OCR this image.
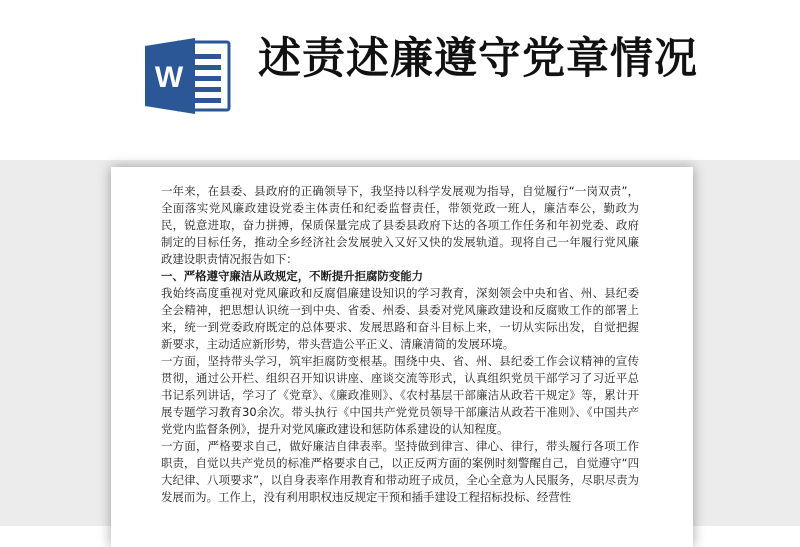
W 述责述廉遵守党章情况

一年来，在县委、县政府的正确领导下，我坚持以科学发展观为指导，自觉履行“一岗双责”，全面落实党风廉政建设党委主体责任和纪委监督责任，带领党政一班人，廉洁奉公，勤政为民，锐意进取，奋力拼搏，保质保量完成了县委县政府下达的各项工作任务和年初党委、政府制定的目标任务，推动全乡经济社会发展驶入又好又快的发展轨道。现将自己一年履行党风廉政建设职责情况报告如下：

一、严格遵守廉洁从政规定，不断提升拒腐防变能力

我始终高度重视对党风廉政和反腐倡廉建设知识的学习教育，深刻领会中央和省、州、县纪委全会精神，把思想认识统一到中央、省委、州委、县委对党风廉政建设和反腐败工作的部署上来，统一到党委政府既定的总体要求、发展思路和奋斗目标上来，一切从实际出发，自觉把握新要求，主动适应新形势，带头营造公平正义、清廉清简的发展环境。

一方面，坚持带头学习，筑牢拒腐防变根基。围绕中央、省、州、县纪委工作会议精神的宣传贯彻，通过公开栏、组织召开知识讲座、座谈交流等形式，认真组织党员干部学习了习近平总书记系列讲话，学习了《党章》、《廉政准则》、《农村基层干部廉洁从政若干规定》等，累计开展专题学习教育30余次。带头执行《中国共产党党员领导干部廉洁从政若干准则》、《中国共产党党内监督条例》，提升对党风廉政建设和惩防体系建设的认知程度。

一方面，严格要求自己，做好廉洁自律表率。坚持做到律言、律心、律行，带头履行各项工作职责，自觉以共产党员的标准严格要求自己，以正反两方面的案例时刻警醒自己，自觉遵守“四大纪律、八项要求”，以自身表率作用教育和带动班子成员，全心全意为人民服务，尽职尽责为发展而为。工作上，没有利用职权违反规定干预和插手建设工程招标投标、经营性
